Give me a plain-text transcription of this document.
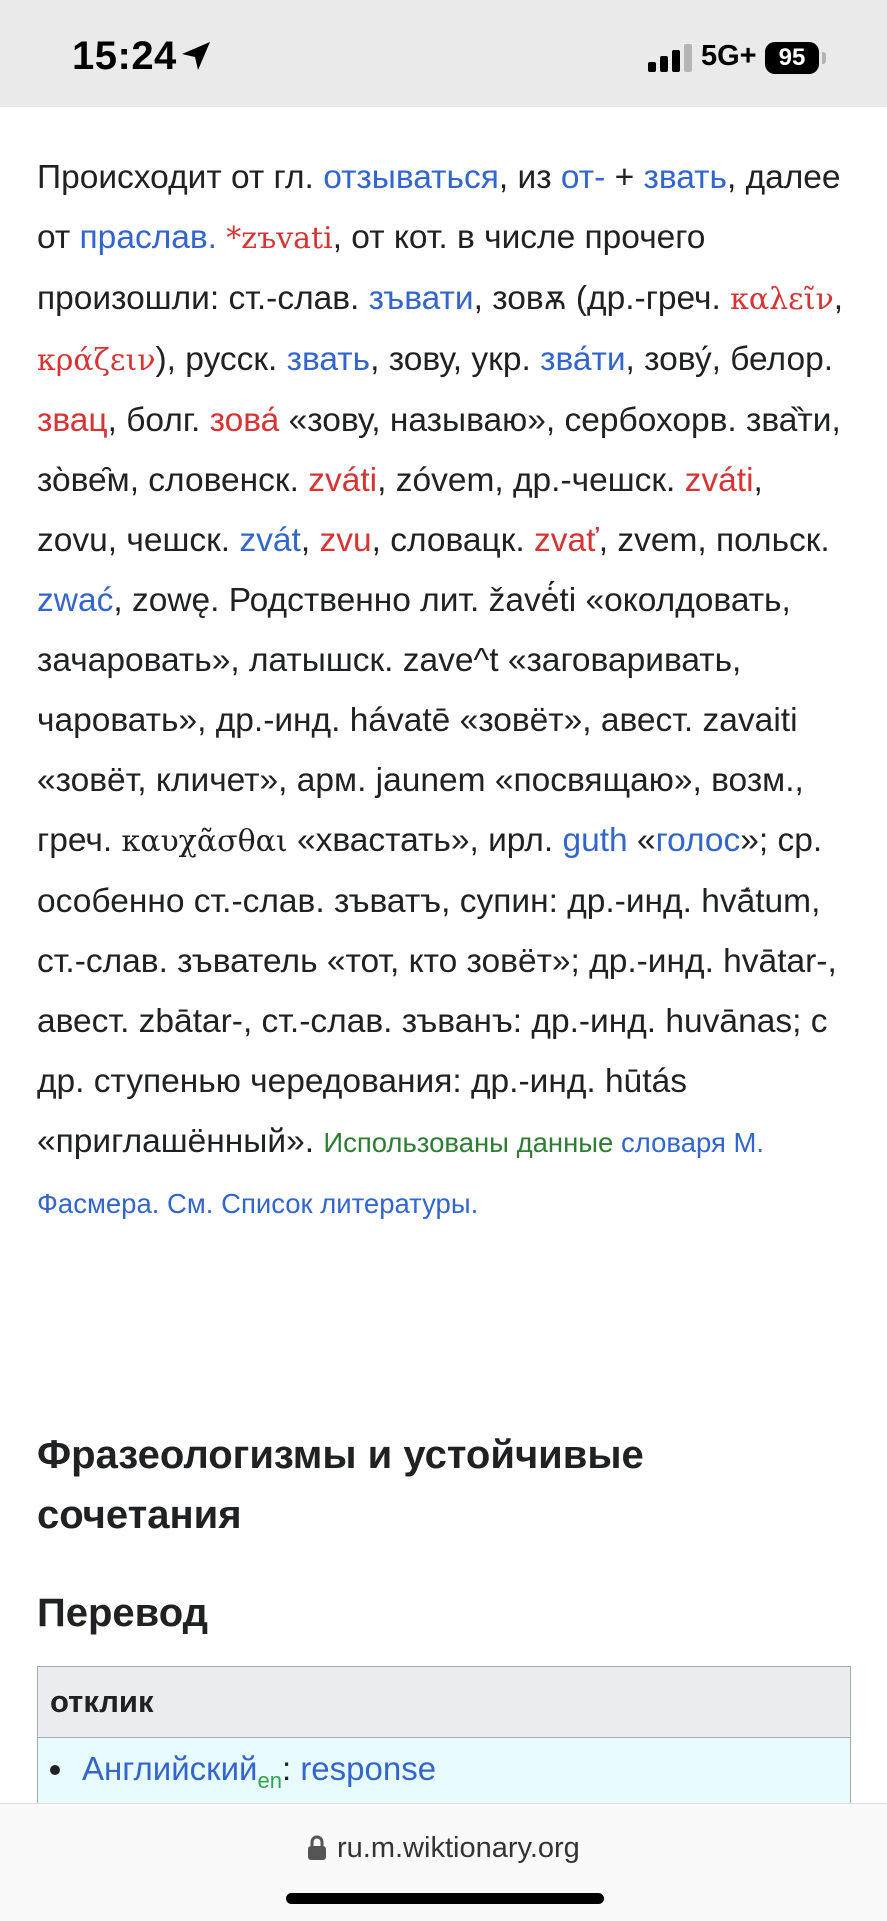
15:24	5G+ 95
Происходит от гл. отзываться, из от- + звать, далее от праслав. *zъvati, от кот. в числе прочего произошли: ст.-слав. зъвати, зовѫ (др.-греч. καλεῖν, κράζειν), русск. звать, зову, укр. зва́ти, зову́, белор. звац, болг. зова́ «зову, называю», сербохорв. зва̏ти, зо̀ве̑м, словенск. zváti, zóvem, др.-чешск. zváti, zovu, чешск. zvát, zvu, словацк. zvať, zvem, польск. zwać, zowę. Родственно лит. žavė́ti «околдовать, зачаровать», латышск. zave^t «заговаривать, чаровать», др.-инд. hávatē «зовёт», авест. zavaiti «зовёт, кличет», арм. jaunem «посвящаю», возм., греч. καυχᾶσθαι «хвастать», ирл. guth «голос»; ср. особенно ст.-слав. зъватъ, супин: др.-инд. hvā́tum, ст.-слав. зъватель «тот, кто зовёт»; др.-инд. hvātar-, авест. zbātar-, ст.-слав. зъванъ: др.-инд. huvānas; с др. ступенью чередования: др.-инд. hūtás «приглашённый». Использованы данные словаря М. Фасмера. См. Список литературы.
Фразеологизмы и устойчивые сочетания
Перевод
отклик
Английский$_{en}$: response
ru.m.wiktionary.org
